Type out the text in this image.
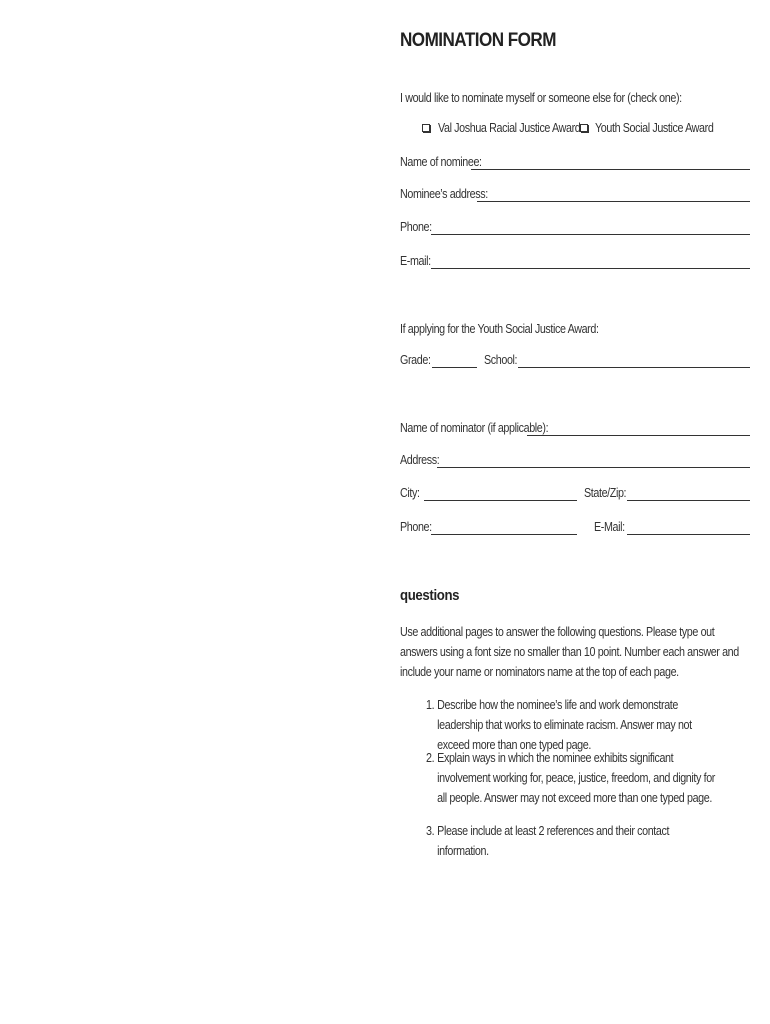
NOMINATION FORM
I would like to nominate myself or someone else for (check one):
Val Joshua Racial Justice Award Youth Social Justice Award
Name of nominee:
Nominee’s address:
Phone:
E-mail:
If applying for the Youth Social Justice Award:
Grade:	School:
Name of nominator (if applicable):
Address:
City:	State/Zip:
Phone:	E-Mail:
questions
Use additional pages to answer the following questions. Please type out answers using a font size no smaller than 10 point. Number each answer and include your name or nominators name at the top of each page.
1. Describe how the nominee’s life and work demonstrate leadership that works to eliminate racism. Answer may not exceed more than one typed page.
2. Explain ways in which the nominee exhibits significant involvement working for, peace, justice, freedom, and dignity for all people. Answer may not exceed more than one typed page.
3. Please include at least 2 references and their contact information.
